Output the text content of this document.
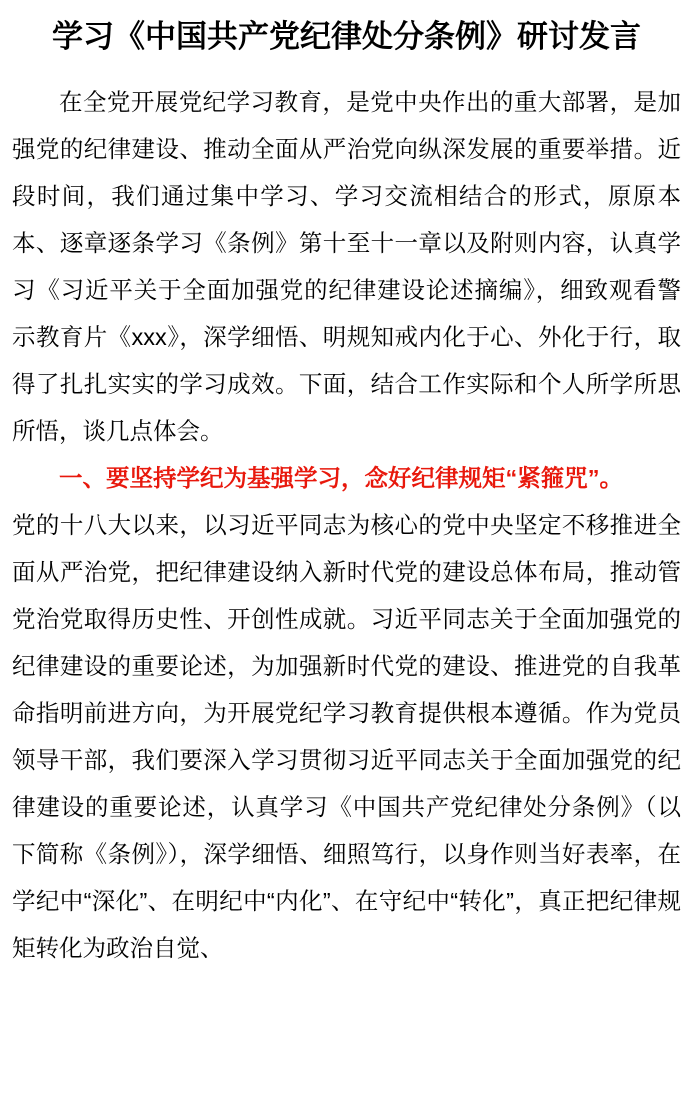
学习《中国共产党纪律处分条例》研讨发言

在全党开展党纪学习教育，是党中央作出的重大部署，是加强党的纪律建设、推动全面从严治党向纵深发展的重要举措。近段时间，我们通过集中学习、学习交流相结合的形式，原原本本、逐章逐条学习《条例》第十至十一章以及附则内容，认真学习《习近平关于全面加强党的纪律建设论述摘编》，细致观看警示教育片《xxx》，深学细悟、明规知戒内化于心、外化于行，取得了扎扎实实的学习成效。下面，结合工作实际和个人所学所思所悟，谈几点体会。

一、要坚持学纪为基强学习，念好纪律规矩“紧箍咒”。

党的十八大以来，以习近平同志为核心的党中央坚定不移推进全面从严治党，把纪律建设纳入新时代党的建设总体布局，推动管党治党取得历史性、开创性成就。习近平同志关于全面加强党的纪律建设的重要论述，为加强新时代党的建设、推进党的自我革命指明前进方向，为开展党纪学习教育提供根本遵循。作为党员领导干部，我们要深入学习贯彻习近平同志关于全面加强党的纪律建设的重要论述，认真学习《中国共产党纪律处分条例》（以下简称《条例》），深学细悟、细照笃行，以身作则当好表率，在学纪中“深化”、在明纪中“内化”、在守纪中“转化”，真正把纪律规矩转化为政治自觉、
